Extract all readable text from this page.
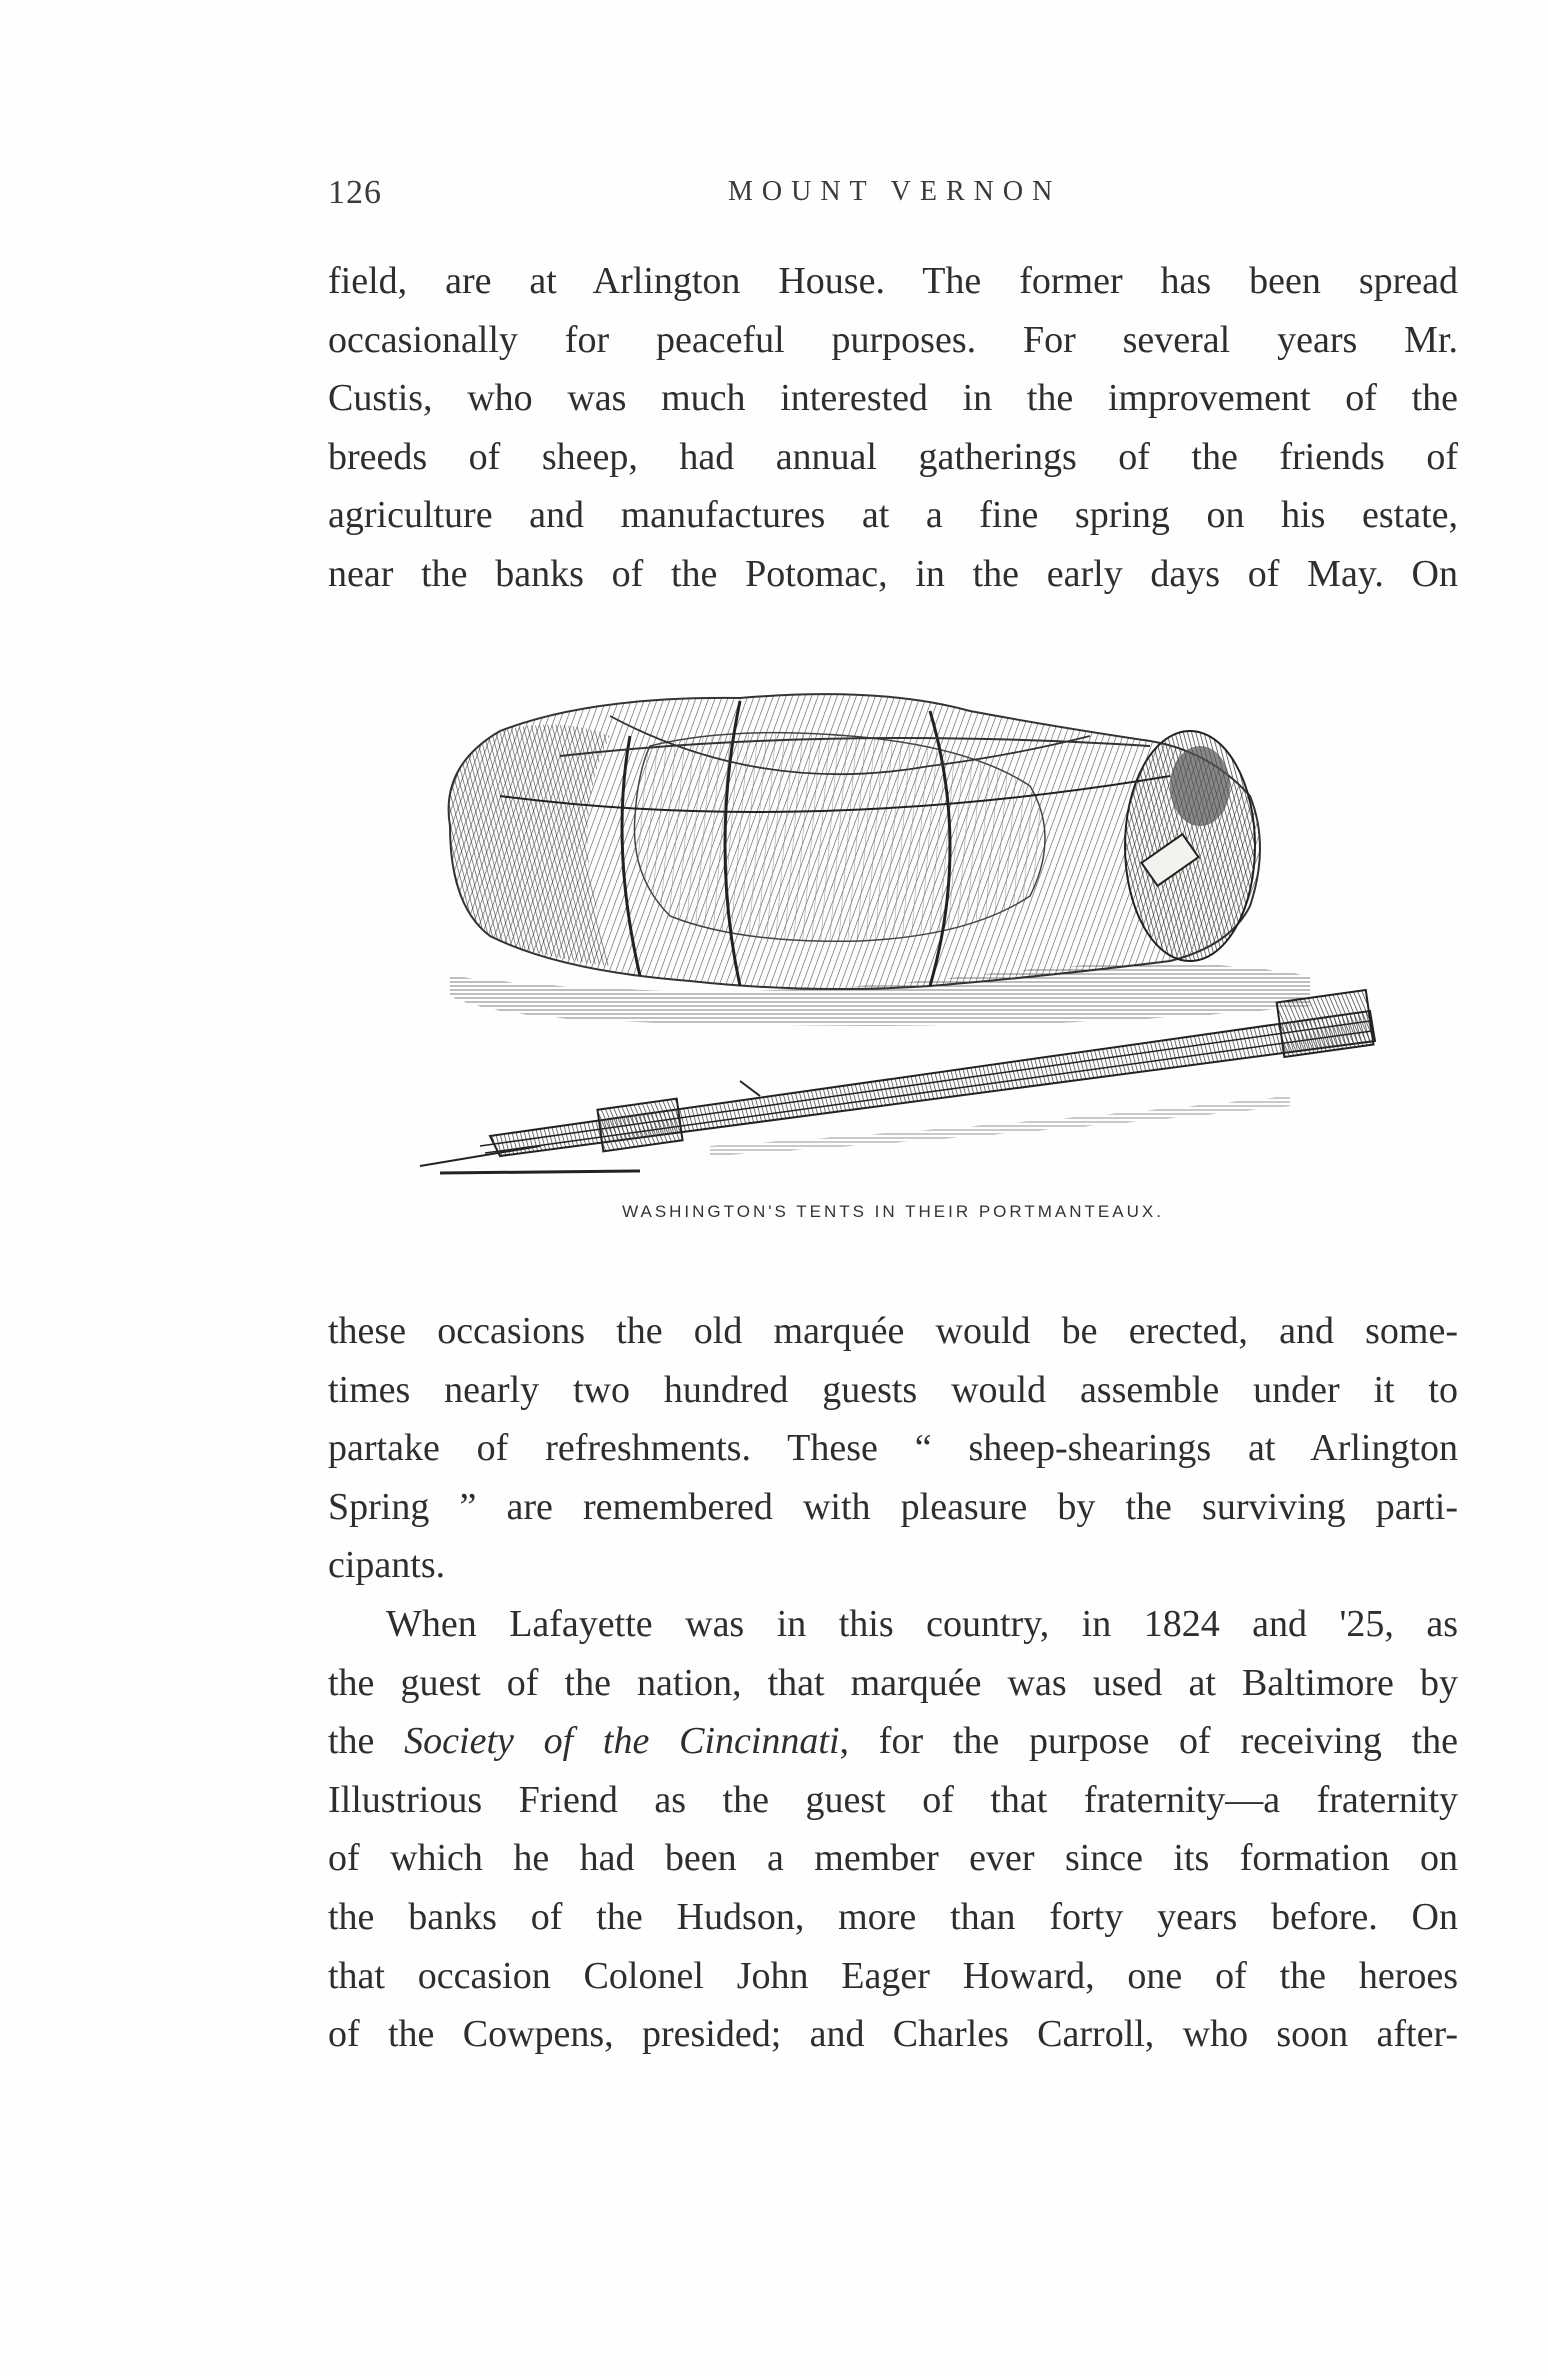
126	MOUNT VERNON
field, are at Arlington House. The former has been spread
occasionally for peaceful purposes. For several years Mr.
Custis, who was much interested in the improvement of the
breeds of sheep, had annual gatherings of the friends of
agriculture and manufactures at a fine spring on his estate,
near the banks of the Potomac, in the early days of May. On
WASHINGTON'S TENTS IN THEIR PORTMANTEAUX.
these occasions the old marquée would be erected, and some-
times nearly two hundred guests would assemble under it to
partake of refreshments. These “ sheep-shearings at Arlington
Spring ” are remembered with pleasure by the surviving parti-
cipants.
When Lafayette was in this country, in 1824 and '25, as
the guest of the nation, that marquée was used at Baltimore by
the Society of the Cincinnati, for the purpose of receiving the
Illustrious Friend as the guest of that fraternity—a fraternity
of which he had been a member ever since its formation on
the banks of the Hudson, more than forty years before. On
that occasion Colonel John Eager Howard, one of the heroes
of the Cowpens, presided; and Charles Carroll, who soon after-
